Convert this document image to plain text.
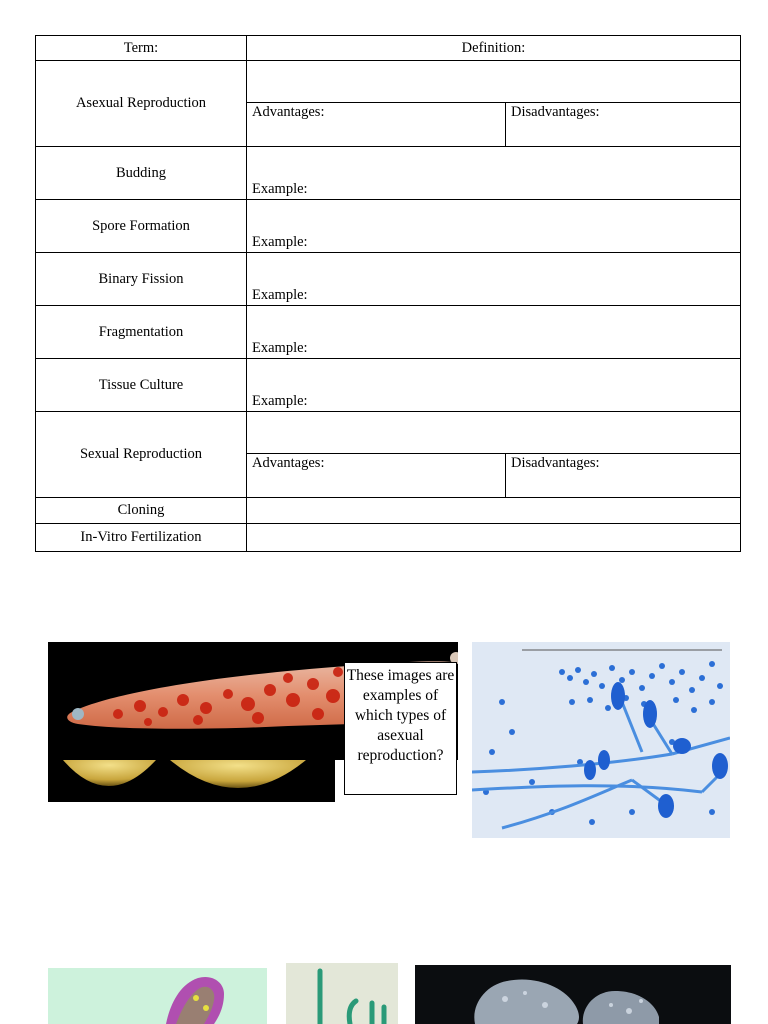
Term:	Definition:
Asexual Reproduction	Advantages: Disadvantages:

Budding	Example:
Spore Formation	Example:
Binary Fission	Example:
Fragmentation	Example:
Tissue Culture	Example:
Sexual Reproduction	Advantages: Disadvantages:

Cloning	
In-Vitro Fertilization	
These images are examples of which types of asexual reproduction?
